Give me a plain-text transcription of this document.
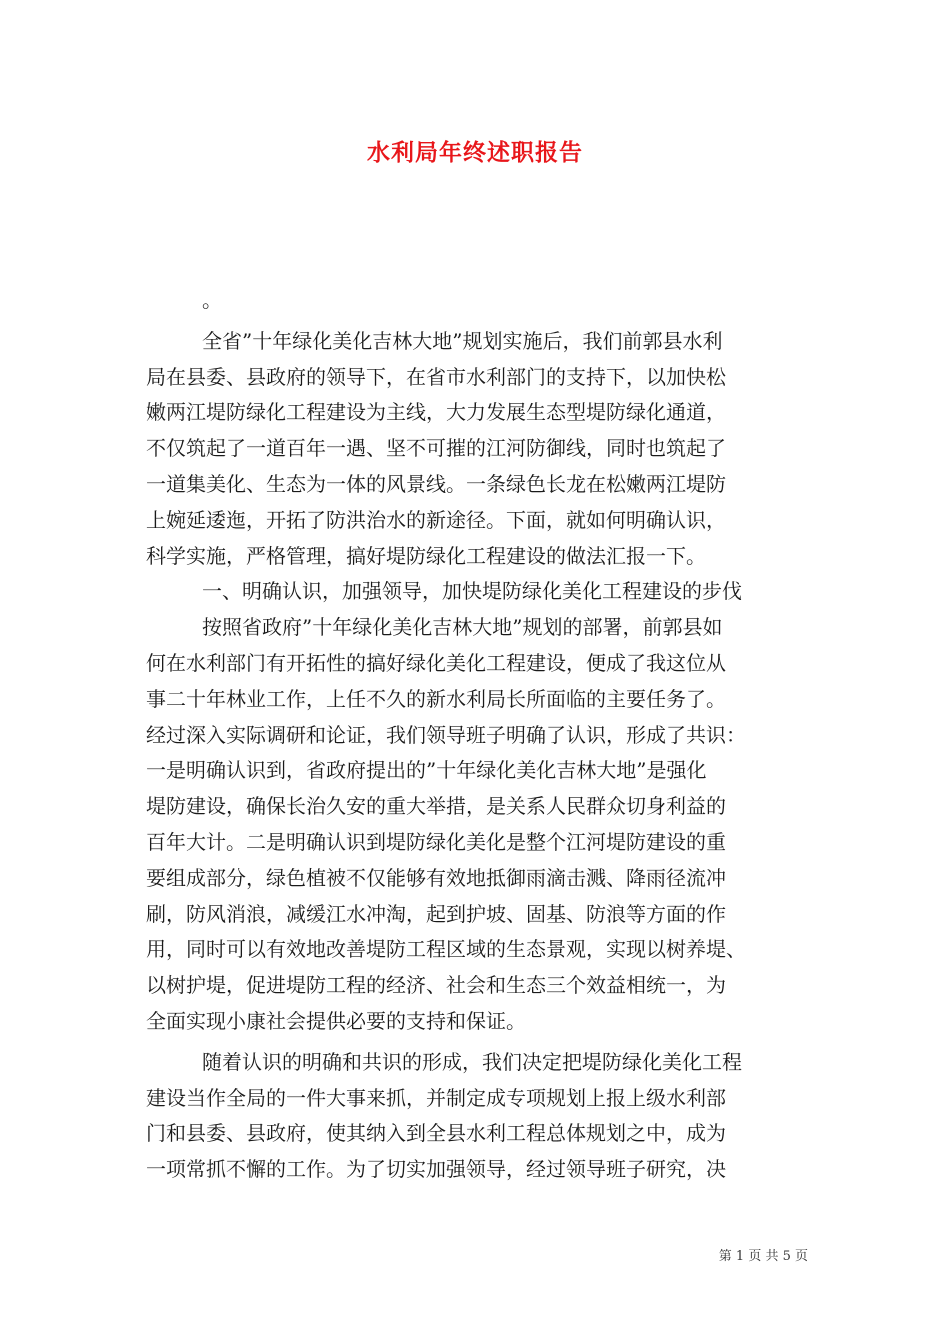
水利局年终述职报告
。
全省”十年绿化美化吉林大地”规划实施后，我们前郭县水利
局在县委、县政府的领导下，在省市水利部门的支持下，以加快松
嫩两江堤防绿化工程建设为主线，大力发展生态型堤防绿化通道，
不仅筑起了一道百年一遇、坚不可摧的江河防御线，同时也筑起了
一道集美化、生态为一体的风景线。一条绿色长龙在松嫩两江堤防
上婉延逶迤，开拓了防洪治水的新途径。下面，就如何明确认识，
科学实施，严格管理，搞好堤防绿化工程建设的做法汇报一下。
一、明确认识，加强领导，加快堤防绿化美化工程建设的步伐
按照省政府”十年绿化美化吉林大地”规划的部署，前郭县如
何在水利部门有开拓性的搞好绿化美化工程建设，便成了我这位从
事二十年林业工作，上任不久的新水利局长所面临的主要任务了。
经过深入实际调研和论证，我们领导班子明确了认识，形成了共识：
一是明确认识到，省政府提出的”十年绿化美化吉林大地”是强化
堤防建设，确保长治久安的重大举措，是关系人民群众切身利益的
百年大计。二是明确认识到堤防绿化美化是整个江河堤防建设的重
要组成部分，绿色植被不仅能够有效地抵御雨滴击溅、降雨径流冲
刷，防风消浪，减缓江水冲淘，起到护坡、固基、防浪等方面的作
用，同时可以有效地改善堤防工程区域的生态景观，实现以树养堤、
以树护堤，促进堤防工程的经济、社会和生态三个效益相统一，为
全面实现小康社会提供必要的支持和保证。
随着认识的明确和共识的形成，我们决定把堤防绿化美化工程
建设当作全局的一件大事来抓，并制定成专项规划上报上级水利部
门和县委、县政府，使其纳入到全县水利工程总体规划之中，成为
一项常抓不懈的工作。为了切实加强领导，经过领导班子研究，决
第 1 页 共 5 页
